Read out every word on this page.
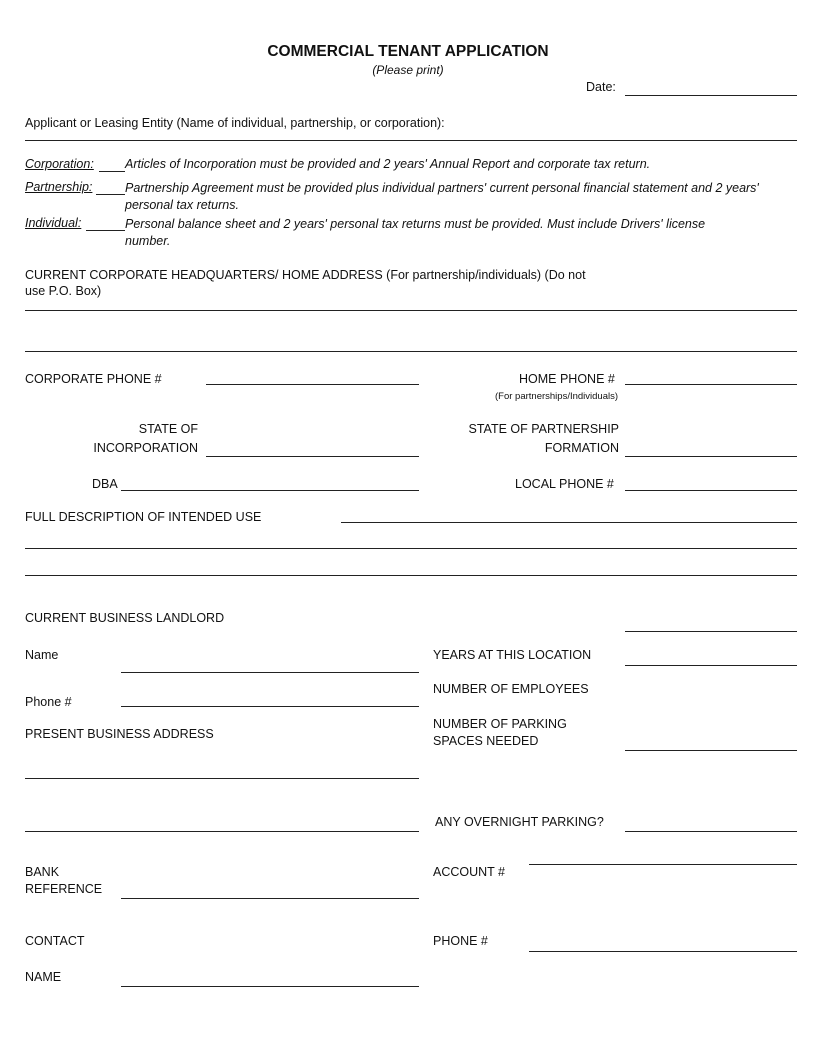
COMMERCIAL TENANT APPLICATION
(Please print)
Date:
Applicant or Leasing Entity (Name of individual, partnership, or corporation):
Corporation: Articles of Incorporation must be provided and 2 years' Annual Report and corporate tax return.
Partnership:	Partnership Agreement must be provided plus individual partners' current personal financial statement and 2 years' personal tax returns.
Individual:	Personal balance sheet and 2 years' personal tax returns must be provided. Must include Drivers' license number.
CURRENT CORPORATE HEADQUARTERS/ HOME ADDRESS (For partnership/individuals) (Do not use P.O. Box)
CORPORATE PHONE #	HOME PHONE #
(For partnerships/Individuals)
STATE OF INCORPORATION
STATE OF PARTNERSHIP FORMATION
DBA	LOCAL PHONE #
FULL DESCRIPTION OF INTENDED USE
CURRENT BUSINESS LANDLORD
Name	YEARS AT THIS LOCATION
NUMBER OF EMPLOYEES
Phone #
PRESENT BUSINESS ADDRESS
NUMBER OF PARKING SPACES NEEDED
ANY OVERNIGHT PARKING?
BANK REFERENCE
ACCOUNT #
CONTACT	PHONE #
NAME
